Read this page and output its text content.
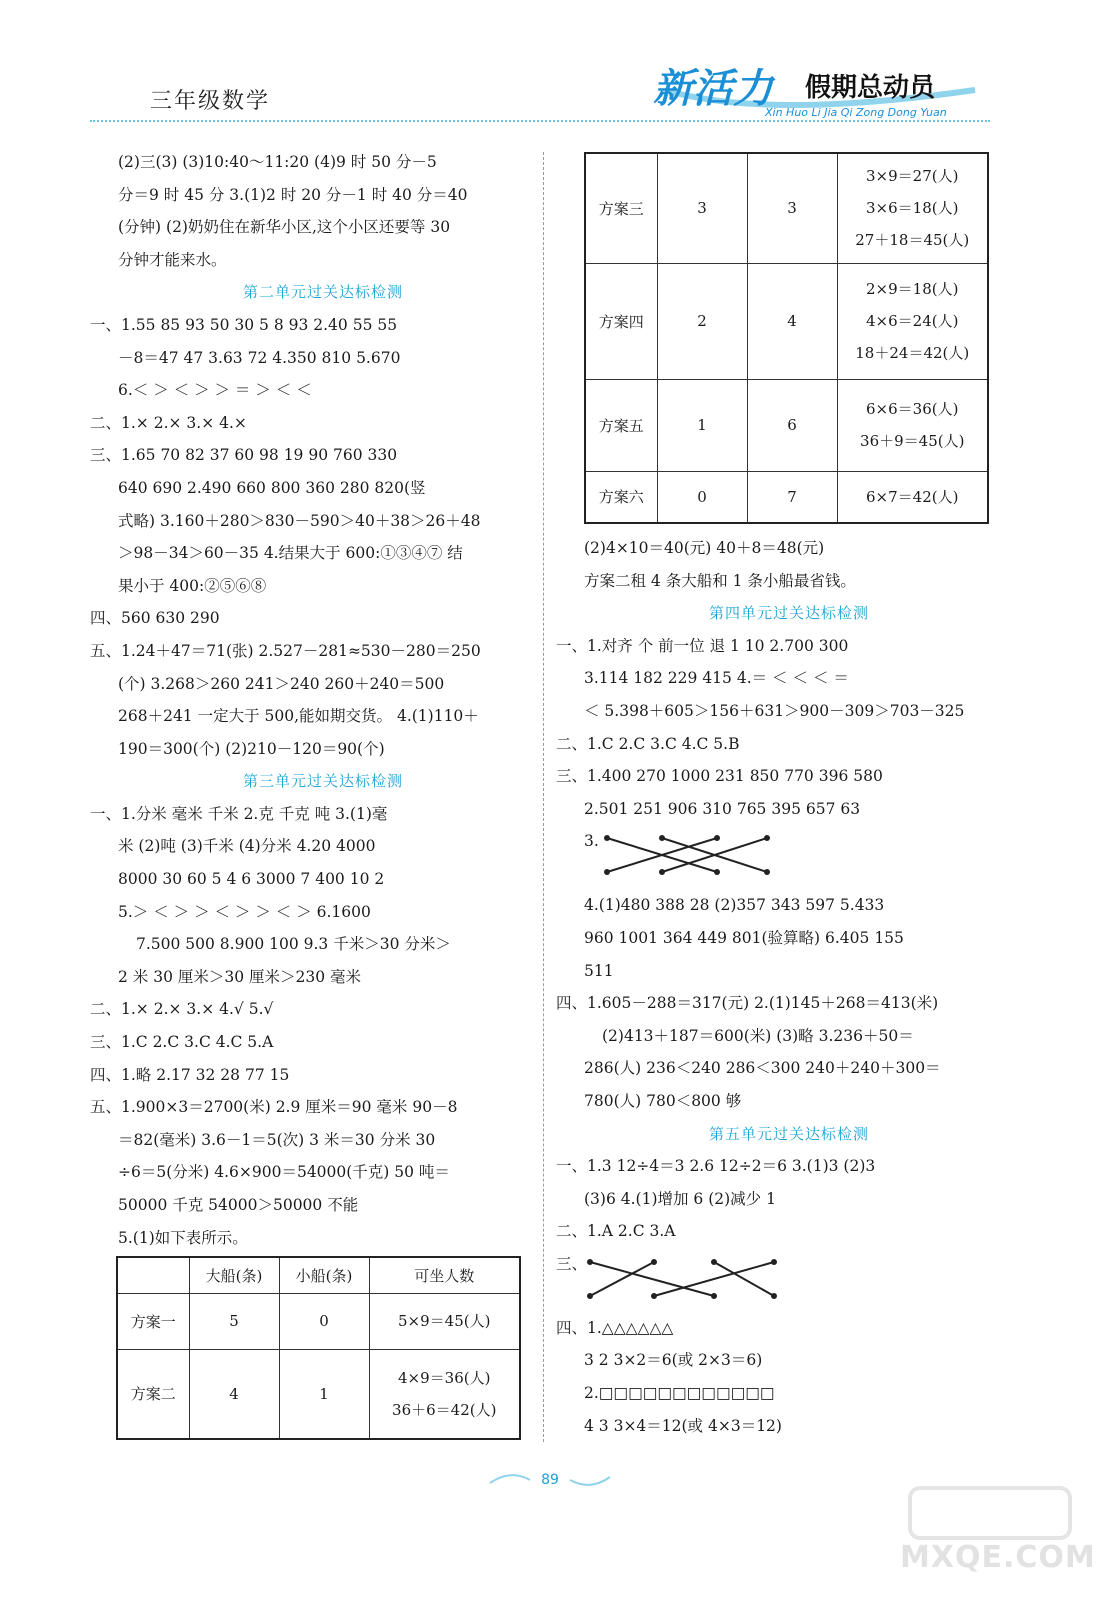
三年级数学	新活力 假期总动员
Xin Huo Li Jia Qi Zong Dong Yuan
(2)三(3) (3)10:40～11:20 (4)9 时 50 分－5
分＝9 时 45 分 3.(1)2 时 20 分－1 时 40 分＝40
(分钟) (2)奶奶住在新华小区,这个小区还要等 30
分钟才能来水。
第二单元过关达标检测
一、1.55 85 93 50 30 5 8 93 2.40 55 55
－8＝47 47 3.63 72 4.350 810 5.670
6.＜ ＞ ＜ ＞ ＞ ＝ ＞ ＜ ＜
二、1.× 2.× 3.× 4.×
三、1.65 70 82 37 60 98 19 90 760 330
640 690 2.490 660 800 360 280 820(竖
式略) 3.160＋280＞830－590＞40＋38＞26＋48
＞98－34＞60－35 4.结果大于 600:①③④⑦ 结
果小于 400:②⑤⑥⑧
四、560 630 290
五、1.24＋47＝71(张) 2.527－281≈530－280＝250
(个) 3.268＞260 241＞240 260＋240＝500
268＋241 一定大于 500,能如期交货。 4.(1)110＋
190＝300(个) (2)210－120＝90(个)
第三单元过关达标检测
一、1.分米 毫米 千米 2.克 千克 吨 3.(1)毫
米 (2)吨 (3)千米 (4)分米 4.20 4000
8000 30 60 5 4 6 3000 7 400 10 2
5.＞ ＜ ＞ ＞ ＜ ＞ ＞ ＜ ＞ 6.1600
7.500 500 8.900 100 9.3 千米＞30 分米＞
2 米 30 厘米＞30 厘米＞230 毫米
二、1.× 2.× 3.× 4.√ 5.√
三、1.C 2.C 3.C 4.C 5.A
四、1.略 2.17 32 28 77 15
五、1.900×3＝2700(米) 2.9 厘米＝90 毫米 90－8
＝82(毫米) 3.6－1＝5(次) 3 米＝30 分米 30
÷6＝5(分米) 4.6×900＝54000(千克) 50 吨＝
50000 千克 54000＞50000 不能
5.(1)如下表所示。
	大船(条)	小船(条)	可坐人数
方案一	5	0	5×9＝45(人)

方案二	4	1	4×9＝36(人)
36＋6＝42(人)
方案三	3	3	3×9＝27(人)
3×6＝18(人)
27＋18＝45(人)

方案四	2	4	2×9＝18(人)
4×6＝24(人)
18＋24＝42(人)

方案五	1	6	6×6＝36(人)
36＋9＝45(人)

方案六	0	7	6×7＝42(人)
(2)4×10＝40(元) 40＋8＝48(元)
方案二租 4 条大船和 1 条小船最省钱。
第四单元过关达标检测
一、1.对齐 个 前一位 退 1 10 2.700 300
3.114 182 229 415 4.＝ ＜ ＜ ＜ ＝
＜ 5.398＋605＞156＋631＞900－309＞703－325
二、1.C 2.C 3.C 4.C 5.B
三、1.400 270 1000 231 850 770 396 580
2.501 251 906 310 765 395 657 63
3.
4.(1)480 388 28 (2)357 343 597 5.433
960 1001 364 449 801(验算略) 6.405 155
511
四、1.605－288＝317(元) 2.(1)145＋268＝413(米)
(2)413＋187＝600(米) (3)略 3.236＋50＝
286(人) 236＜240 286＜300 240＋240＋300＝
780(人) 780＜800 够
第五单元过关达标检测
一、1.3 12÷4＝3 2.6 12÷2＝6 3.(1)3 (2)3
(3)6 4.(1)增加 6 (2)减少 1
二、1.A 2.C 3.A
三、
四、1.△△△△△△
3 2 3×2＝6(或 2×3＝6)
2.□□□□□□□□□□□□
4 3 3×4＝12(或 4×3＝12)
89
MXQE.COM
